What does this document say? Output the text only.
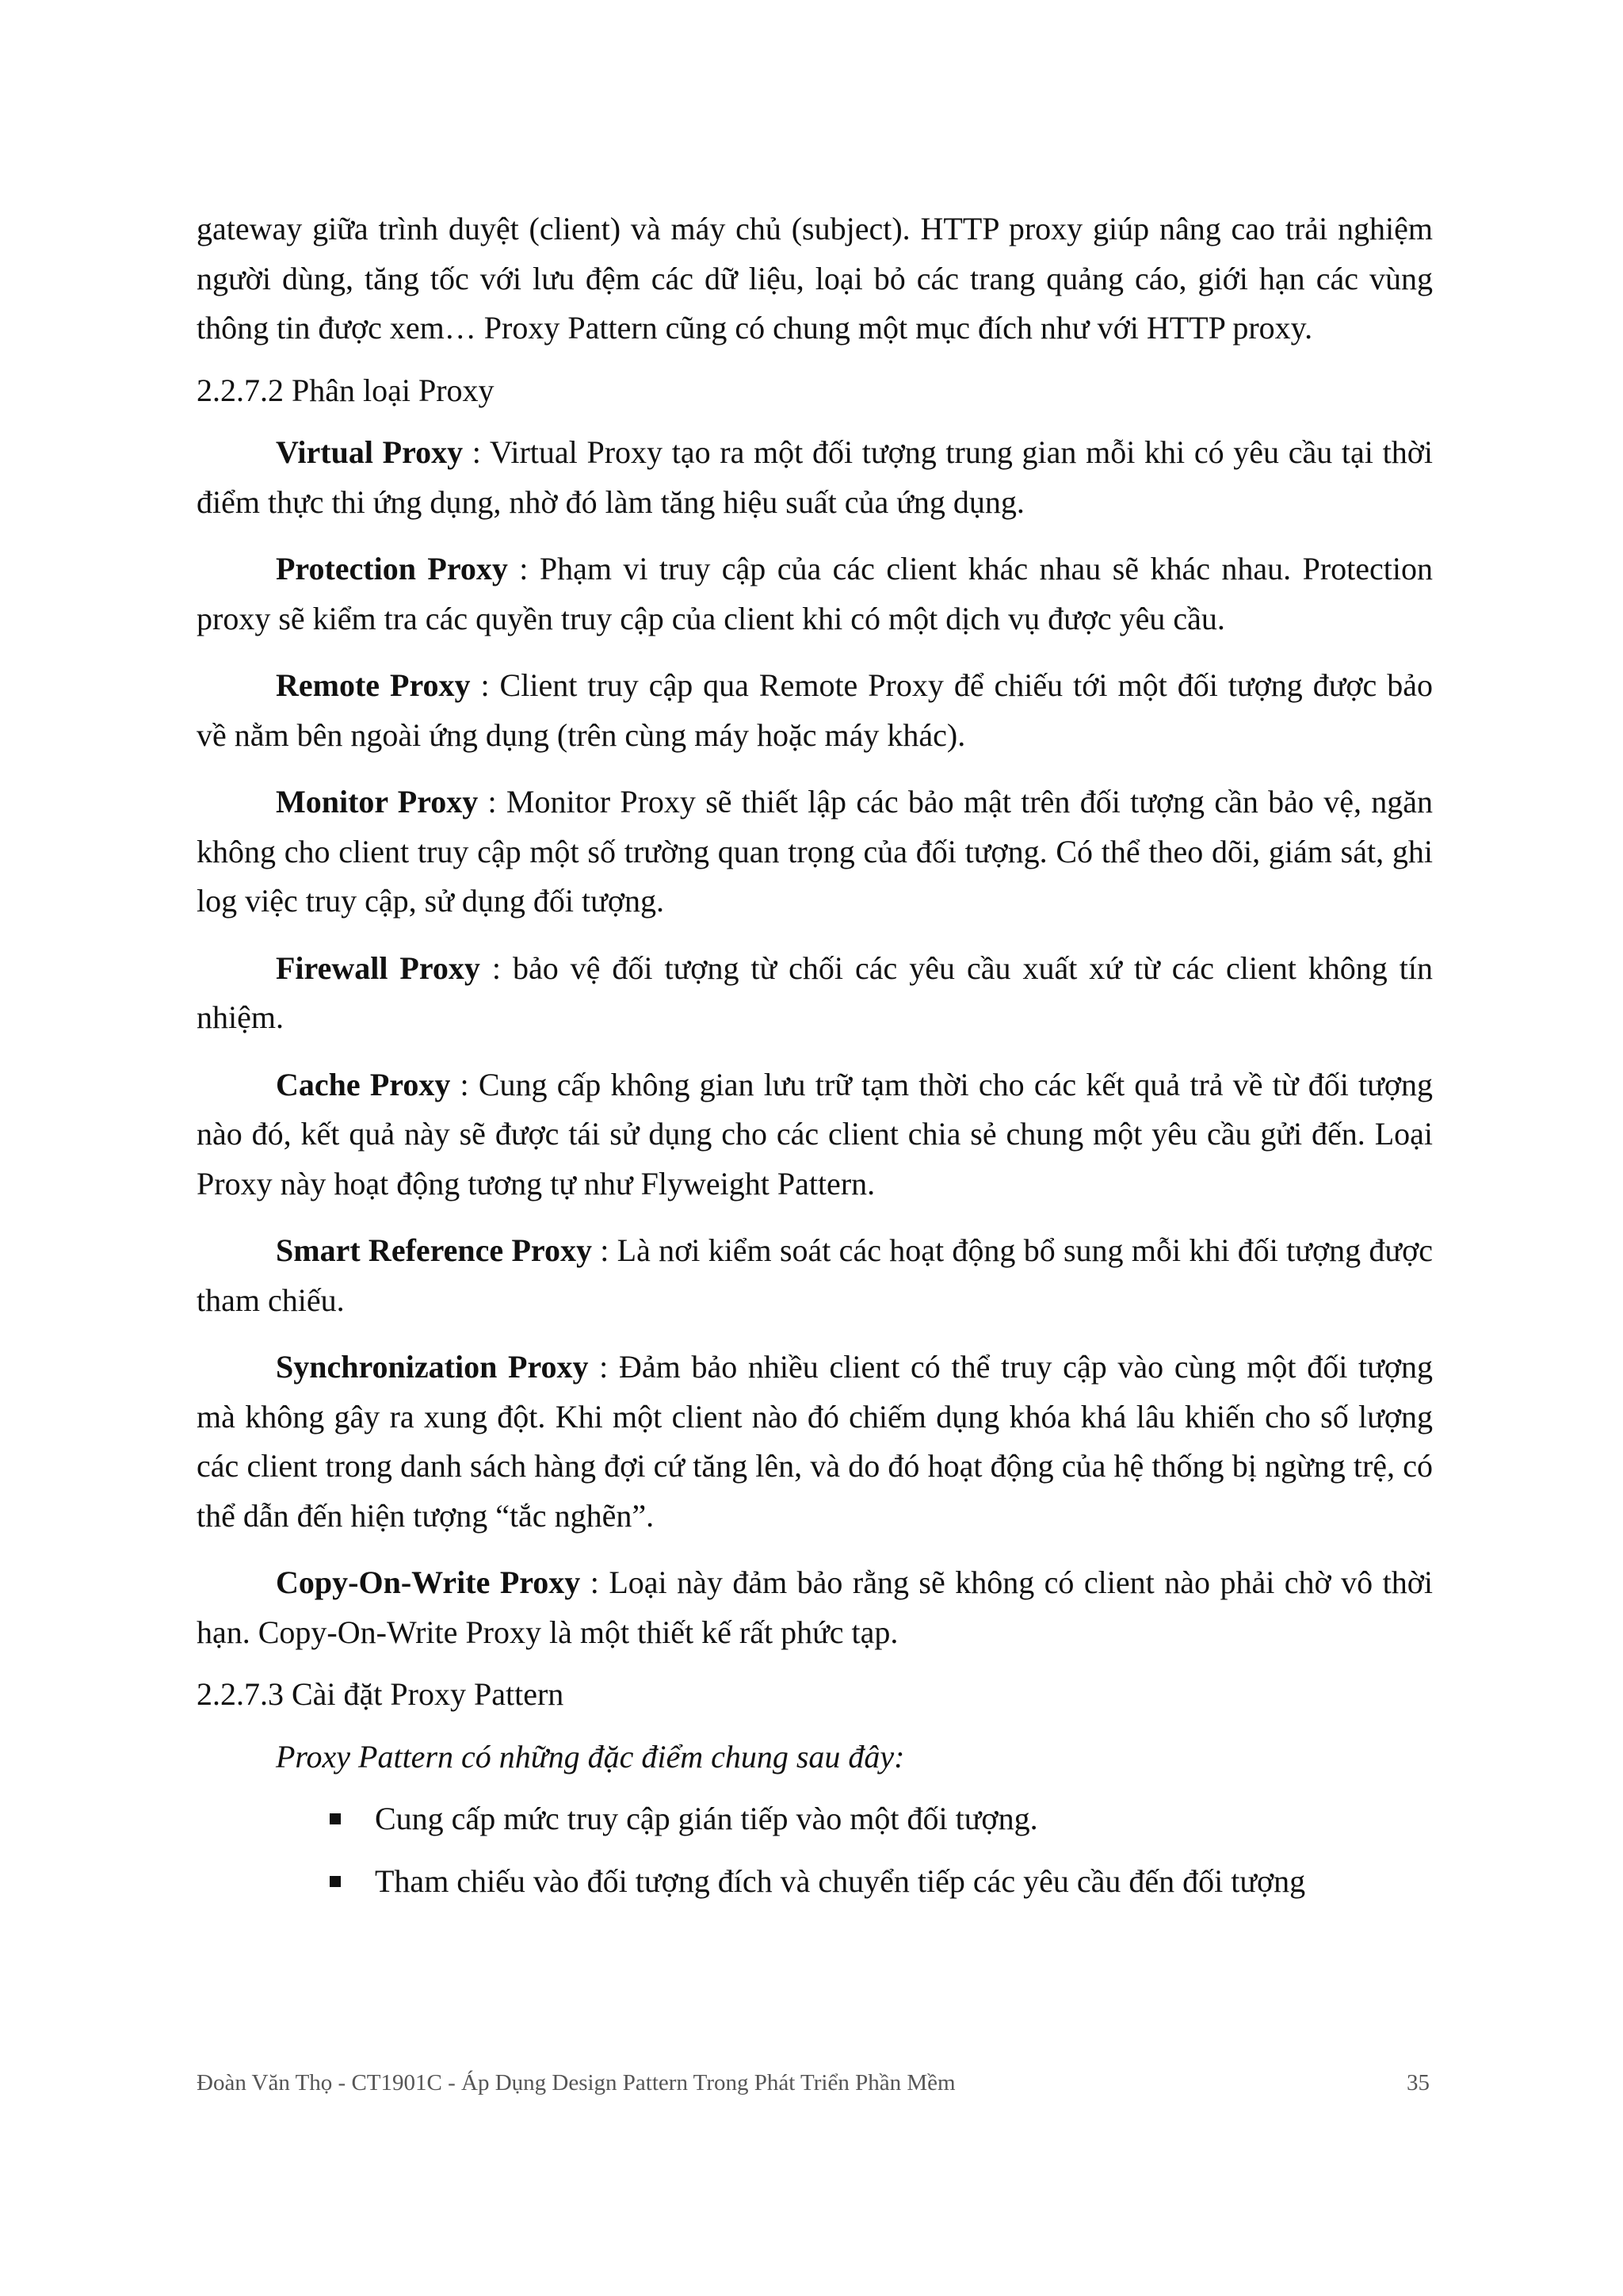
gateway giữa trình duyệt (client) và máy chủ (subject). HTTP proxy giúp nâng cao trải nghiệm người dùng, tăng tốc với lưu đệm các dữ liệu, loại bỏ các trang quảng cáo, giới hạn các vùng thông tin được xem… Proxy Pattern cũng có chung một mục đích như với HTTP proxy.

2.2.7.2 Phân loại Proxy

Virtual Proxy : Virtual Proxy tạo ra một đối tượng trung gian mỗi khi có yêu cầu tại thời điểm thực thi ứng dụng, nhờ đó làm tăng hiệu suất của ứng dụng.

Protection Proxy : Phạm vi truy cập của các client khác nhau sẽ khác nhau. Protection proxy sẽ kiểm tra các quyền truy cập của client khi có một dịch vụ được yêu cầu.

Remote Proxy : Client truy cập qua Remote Proxy để chiếu tới một đối tượng được bảo về nằm bên ngoài ứng dụng (trên cùng máy hoặc máy khác).

Monitor Proxy : Monitor Proxy sẽ thiết lập các bảo mật trên đối tượng cần bảo vệ, ngăn không cho client truy cập một số trường quan trọng của đối tượng. Có thể theo dõi, giám sát, ghi log việc truy cập, sử dụng đối tượng.

Firewall Proxy : bảo vệ đối tượng từ chối các yêu cầu xuất xứ từ các client không tín nhiệm.

Cache Proxy : Cung cấp không gian lưu trữ tạm thời cho các kết quả trả về từ đối tượng nào đó, kết quả này sẽ được tái sử dụng cho các client chia sẻ chung một yêu cầu gửi đến. Loại Proxy này hoạt động tương tự như Flyweight Pattern.

Smart Reference Proxy : Là nơi kiểm soát các hoạt động bổ sung mỗi khi đối tượng được tham chiếu.

Synchronization Proxy : Đảm bảo nhiều client có thể truy cập vào cùng một đối tượng mà không gây ra xung đột. Khi một client nào đó chiếm dụng khóa khá lâu khiến cho số lượng các client trong danh sách hàng đợi cứ tăng lên, và do đó hoạt động của hệ thống bị ngừng trệ, có thể dẫn đến hiện tượng “tắc nghẽn”.

Copy-On-Write Proxy : Loại này đảm bảo rằng sẽ không có client nào phải chờ vô thời hạn. Copy-On-Write Proxy là một thiết kế rất phức tạp.

2.2.7.3 Cài đặt Proxy Pattern

Proxy Pattern có những đặc điểm chung sau đây:

Cung cấp mức truy cập gián tiếp vào một đối tượng.

Tham chiếu vào đối tượng đích và chuyển tiếp các yêu cầu đến đối tượng

Đoàn Văn Thọ - CT1901C - Áp Dụng Design Pattern Trong Phát Triển Phần Mềm	35
